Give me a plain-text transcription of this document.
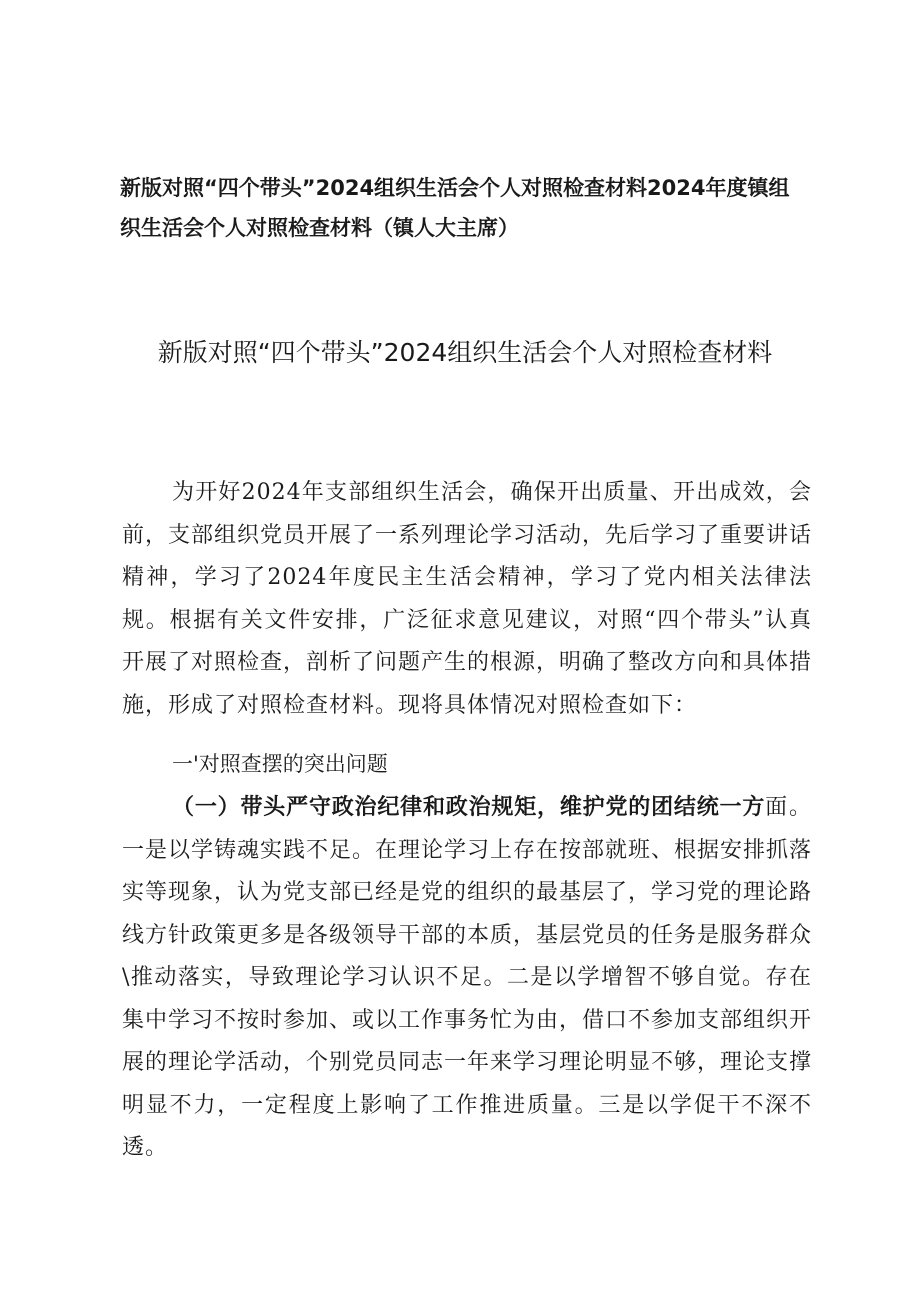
新版对照“四个带头”2024组织生活会个人对照检查材料2024年度镇组织生活会个人对照检查材料（镇人大主席）
新版对照“四个带头”2024组织生活会个人对照检查材料
为开好2024年支部组织生活会，确保开出质量、开出成效，会前，支部组织党员开展了一系列理论学习活动，先后学习了重要讲话精神，学习了2024年度民主生活会精神，学习了党内相关法律法规。根据有关文件安排，广泛征求意见建议，对照“四个带头”认真开展了对照检查，剖析了问题产生的根源，明确了整改方向和具体措施，形成了对照检查材料。现将具体情况对照检查如下：
一'对照查摆的突出问题
（一）带头严守政治纪律和政治规矩，维护党的团结统一方面。一是以学铸魂实践不足。在理论学习上存在按部就班、根据安排抓落实等现象，认为党支部已经是党的组织的最基层了，学习党的理论路线方针政策更多是各级领导干部的本质，基层党员的任务是服务群众\推动落实，导致理论学习认识不足。二是以学增智不够自觉。存在集中学习不按时参加、或以工作事务忙为由，借口不参加支部组织开展的理论学活动，个别党员同志一年来学习理论明显不够，理论支撑明显不力，一定程度上影响了工作推进质量。三是以学促干不深不透。
